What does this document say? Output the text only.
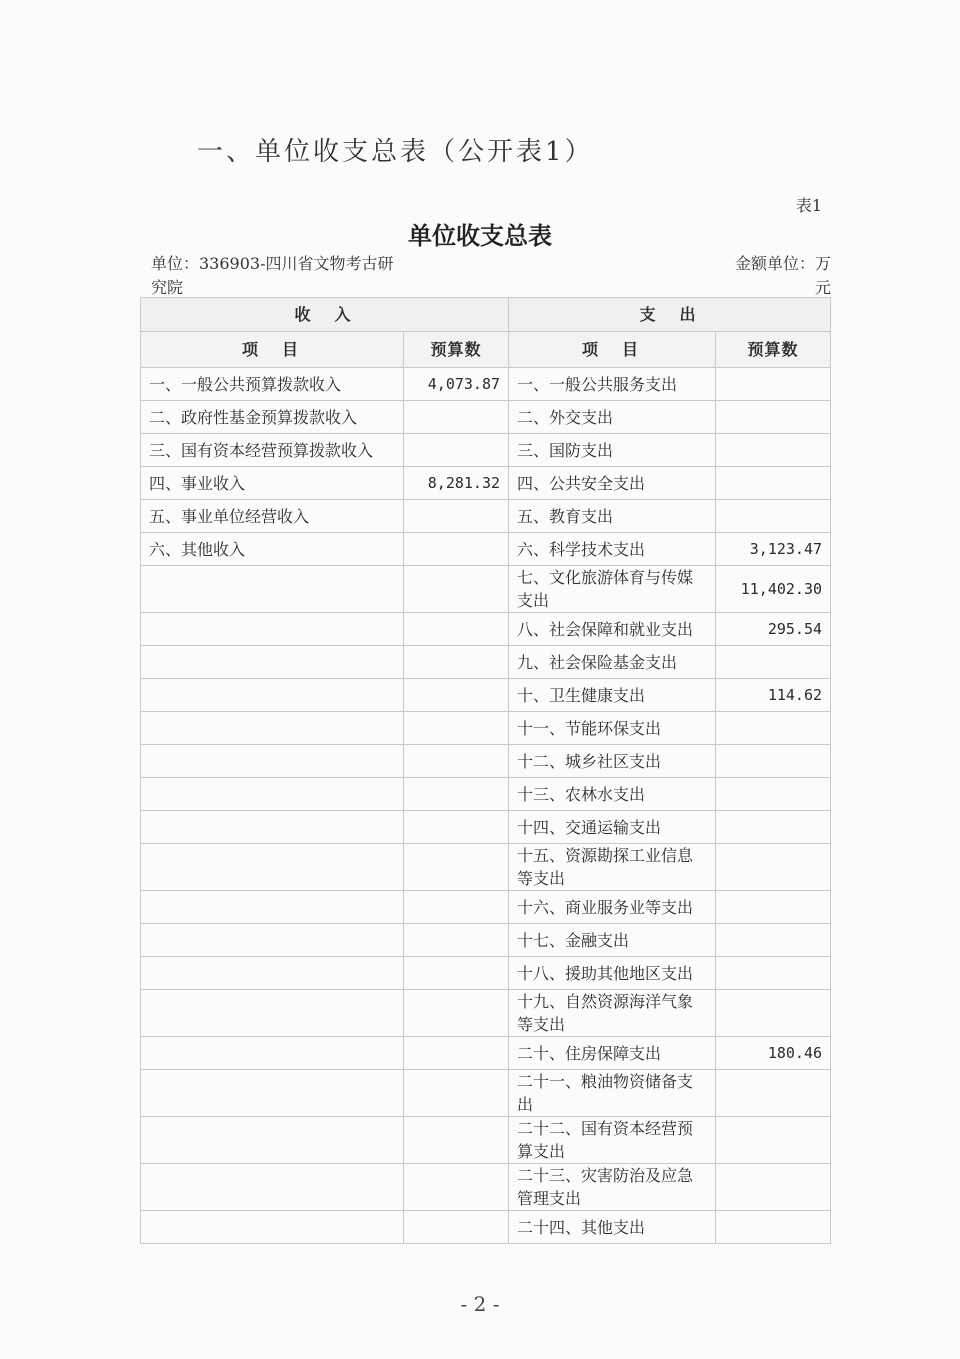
一、单位收支总表（公开表1）
表1
单位收支总表
单位：336903-四川省文物考古研究院
金额单位：万元
收　入		支　出	
项　目	预算数	项　目	预算数
一、一般公共预算拨款收入	4,073.87	一、一般公共服务支出	
二、政府性基金预算拨款收入		二、外交支出	
三、国有资本经营预算拨款收入		三、国防支出	
四、事业收入	8,281.32	四、公共安全支出	
五、事业单位经营收入		五、教育支出	
六、其他收入		六、科学技术支出	3,123.47
		七、文化旅游体育与传媒支出	11,402.30
		八、社会保障和就业支出	295.54
		九、社会保险基金支出	
		十、卫生健康支出	114.62
		十一、节能环保支出	
		十二、城乡社区支出	
		十三、农林水支出	
		十四、交通运输支出	
		十五、资源勘探工业信息等支出	
		十六、商业服务业等支出	
		十七、金融支出	
		十八、援助其他地区支出	
		十九、自然资源海洋气象等支出	
		二十、住房保障支出	180.46
		二十一、粮油物资储备支出	
		二十二、国有资本经营预算支出	
		二十三、灾害防治及应急管理支出	
		二十四、其他支出	
- 2 -
